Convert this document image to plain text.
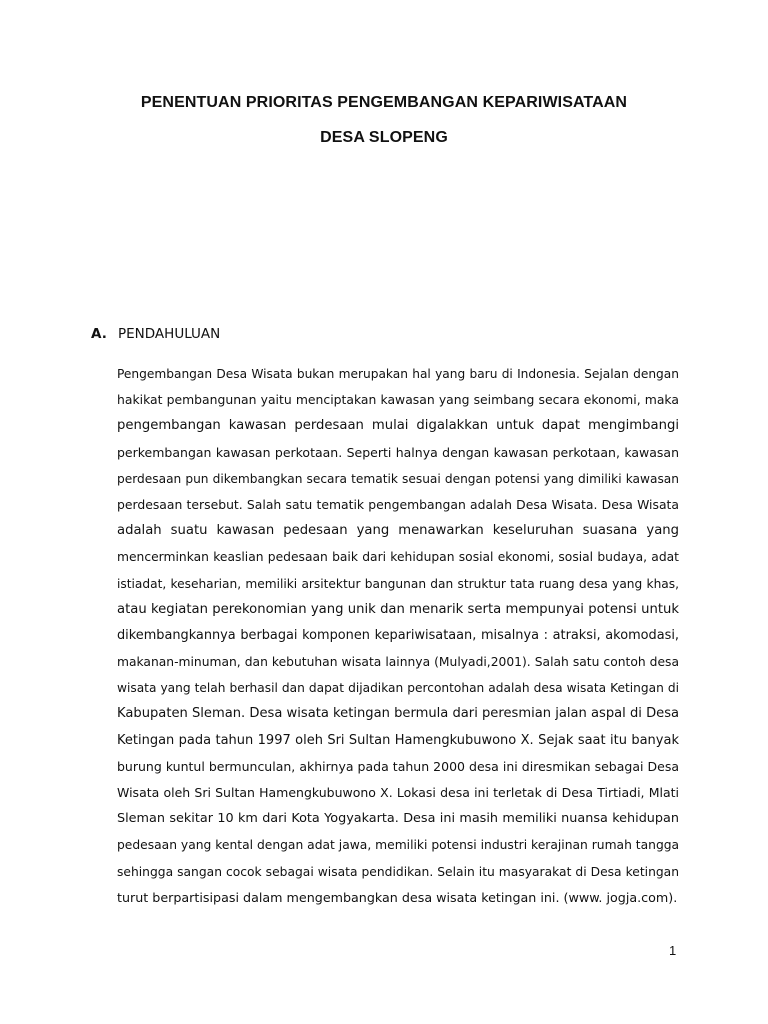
PENENTUAN PRIORITAS PENGEMBANGAN KEPARIWISATAAN
DESA SLOPENG
A. PENDAHULUAN

Pengembangan Desa Wisata bukan merupakan hal yang baru di Indonesia. Sejalan dengan
hakikat pembangunan yaitu menciptakan kawasan yang seimbang secara ekonomi, maka
pengembangan kawasan perdesaan mulai digalakkan untuk dapat mengimbangi
perkembangan kawasan perkotaan. Seperti halnya dengan kawasan perkotaan, kawasan
perdesaan pun dikembangkan secara tematik sesuai dengan potensi yang dimiliki kawasan
perdesaan tersebut. Salah satu tematik pengembangan adalah Desa Wisata. Desa Wisata
adalah suatu kawasan pedesaan yang menawarkan keseluruhan suasana yang
mencerminkan keaslian pedesaan baik dari kehidupan sosial ekonomi, sosial budaya, adat
istiadat, keseharian, memiliki arsitektur bangunan dan struktur tata ruang desa yang khas,
atau kegiatan perekonomian yang unik dan menarik serta mempunyai potensi untuk
dikembangkannya berbagai komponen kepariwisataan, misalnya : atraksi, akomodasi,
makanan-minuman, dan kebutuhan wisata lainnya (Mulyadi,2001). Salah satu contoh desa
wisata yang telah berhasil dan dapat dijadikan percontohan adalah desa wisata Ketingan di
Kabupaten Sleman. Desa wisata ketingan bermula dari peresmian jalan aspal di Desa
Ketingan pada tahun 1997 oleh Sri Sultan Hamengkubuwono X. Sejak saat itu banyak
burung kuntul bermunculan, akhirnya pada tahun 2000 desa ini diresmikan sebagai Desa
Wisata oleh Sri Sultan Hamengkubuwono X. Lokasi desa ini terletak di Desa Tirtiadi, Mlati
Sleman sekitar 10 km dari Kota Yogyakarta. Desa ini masih memiliki nuansa kehidupan
pedesaan yang kental dengan adat jawa, memiliki potensi industri kerajinan rumah tangga
sehingga sangan cocok sebagai wisata pendidikan. Selain itu masyarakat di Desa ketingan
turut berpartisipasi dalam mengembangkan desa wisata ketingan ini. (www. jogja.com).

1
